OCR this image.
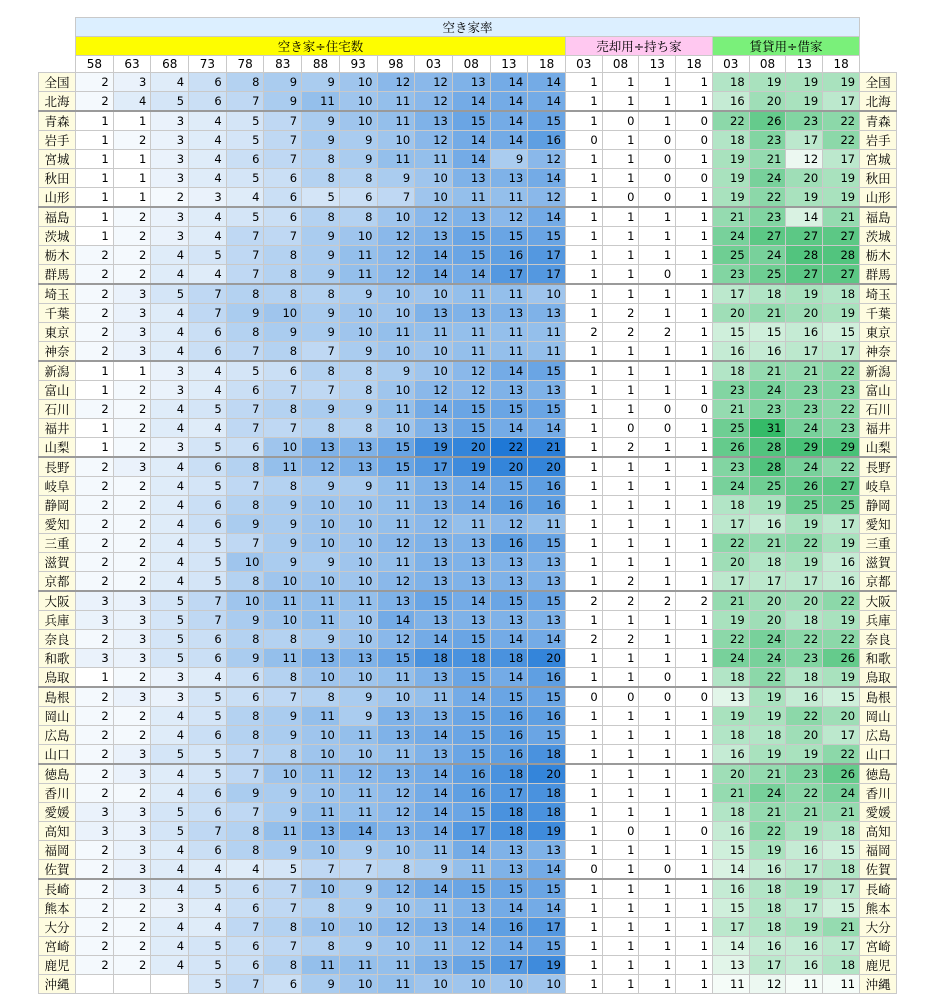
	空き家率																					
	空き家÷住宅数													売却用÷持ち家				賃貸用÷借家				
	58	63	68	73	78	83	88	93	98	03	08	13	18	03	08	13	18	03	08	13	18	
全国	2	3	4	6	8	9	9	10	12	12	13	14	14	1	1	1	1	18	19	19	19	全国
北海	2	4	5	6	7	9	11	10	11	12	14	14	14	1	1	1	1	16	20	19	17	北海
青森	1	1	3	4	5	7	9	10	11	13	15	14	15	1	0	1	0	22	26	23	22	青森
岩手	1	2	3	4	5	7	9	9	10	12	14	14	16	0	1	0	0	18	23	17	22	岩手
宮城	1	1	3	4	6	7	8	9	11	11	14	9	12	1	1	0	1	19	21	12	17	宮城
秋田	1	1	3	4	5	6	8	8	9	10	13	13	14	1	1	0	0	19	24	20	19	秋田
山形	1	1	2	3	4	6	5	6	7	10	11	11	12	1	0	0	1	19	22	19	19	山形
福島	1	2	3	4	5	6	8	8	10	12	13	12	14	1	1	1	1	21	23	14	21	福島
茨城	1	2	3	4	7	7	9	10	12	13	15	15	15	1	1	1	1	24	27	27	27	茨城
栃木	2	2	4	5	7	8	9	11	12	14	15	16	17	1	1	1	1	25	24	28	28	栃木
群馬	2	2	4	4	7	8	9	11	12	14	14	17	17	1	1	0	1	23	25	27	27	群馬
埼玉	2	3	5	7	8	8	8	9	10	10	11	11	10	1	1	1	1	17	18	19	18	埼玉
千葉	2	3	4	7	9	10	9	10	10	13	13	13	13	1	2	1	1	20	21	20	19	千葉
東京	2	3	4	6	8	9	9	10	11	11	11	11	11	2	2	2	1	15	15	16	15	東京
神奈	2	3	4	6	7	8	7	9	10	10	11	11	11	1	1	1	1	16	16	17	17	神奈
新潟	1	1	3	4	5	6	8	8	9	10	12	14	15	1	1	1	1	18	21	21	22	新潟
富山	1	2	3	4	6	7	7	8	10	12	12	13	13	1	1	1	1	23	24	23	23	富山
石川	2	2	4	5	7	8	9	9	11	14	15	15	15	1	1	0	0	21	23	23	22	石川
福井	1	2	4	4	7	7	8	8	10	13	15	14	14	1	0	0	1	25	31	24	23	福井
山梨	1	2	3	5	6	10	13	13	15	19	20	22	21	1	2	1	1	26	28	29	29	山梨
長野	2	3	4	6	8	11	12	13	15	17	19	20	20	1	1	1	1	23	28	24	22	長野
岐阜	2	2	4	5	7	8	9	9	11	13	14	15	16	1	1	1	1	24	25	26	27	岐阜
静岡	2	2	4	6	8	9	10	10	11	13	14	16	16	1	1	1	1	18	19	25	25	静岡
愛知	2	2	4	6	9	9	10	10	11	12	11	12	11	1	1	1	1	17	16	19	17	愛知
三重	2	2	4	5	7	9	10	10	12	13	13	16	15	1	1	1	1	22	21	22	19	三重
滋賀	2	2	4	5	10	9	9	10	11	13	13	13	13	1	1	1	1	20	18	19	16	滋賀
京都	2	2	4	5	8	10	10	10	12	13	13	13	13	1	2	1	1	17	17	17	16	京都
大阪	3	3	5	7	10	11	11	11	13	15	14	15	15	2	2	2	2	21	20	20	22	大阪
兵庫	3	3	5	7	9	10	11	10	14	13	13	13	13	1	1	1	1	19	20	18	19	兵庫
奈良	2	3	5	6	8	8	9	10	12	14	15	14	14	2	2	1	1	22	24	22	22	奈良
和歌	3	3	5	6	9	11	13	13	15	18	18	18	20	1	1	1	1	24	24	23	26	和歌
鳥取	1	2	3	4	6	8	10	10	11	13	15	14	16	1	1	0	1	18	22	18	19	鳥取
島根	2	3	3	5	6	7	8	9	10	11	14	15	15	0	0	0	0	13	19	16	15	島根
岡山	2	2	4	5	8	9	11	9	13	13	15	16	16	1	1	1	1	19	19	22	20	岡山
広島	2	2	4	6	8	9	10	11	13	14	15	16	15	1	1	1	1	18	18	20	17	広島
山口	2	3	5	5	7	8	10	10	11	13	15	16	18	1	1	1	1	16	19	19	22	山口
徳島	2	3	4	5	7	10	11	12	13	14	16	18	20	1	1	1	1	20	21	23	26	徳島
香川	2	2	4	6	9	9	10	11	12	14	16	17	18	1	1	1	1	21	24	22	24	香川
愛媛	3	3	5	6	7	9	11	11	12	14	15	18	18	1	1	1	1	18	21	21	21	愛媛
高知	3	3	5	7	8	11	13	14	13	14	17	18	19	1	0	1	0	16	22	19	18	高知
福岡	2	3	4	6	8	9	10	9	10	11	14	13	13	1	1	1	1	15	19	16	15	福岡
佐賀	2	3	4	4	4	5	7	7	8	9	11	13	14	0	1	0	1	14	16	17	18	佐賀
長崎	2	3	4	5	6	7	10	9	12	14	15	15	15	1	1	1	1	16	18	19	17	長崎
熊本	2	2	3	4	6	7	8	9	10	11	13	14	14	1	1	1	1	15	18	17	15	熊本
大分	2	2	4	4	7	8	10	10	12	13	14	16	17	1	1	1	1	17	18	19	21	大分
宮崎	2	2	4	5	6	7	8	9	10	11	12	14	15	1	1	1	1	14	16	16	17	宮崎
鹿児	2	2	4	5	6	8	11	11	11	13	15	17	19	1	1	1	1	13	17	16	18	鹿児
沖縄				5	7	6	9	10	11	10	10	10	10	1	1	1	1	11	12	11	11	沖縄
